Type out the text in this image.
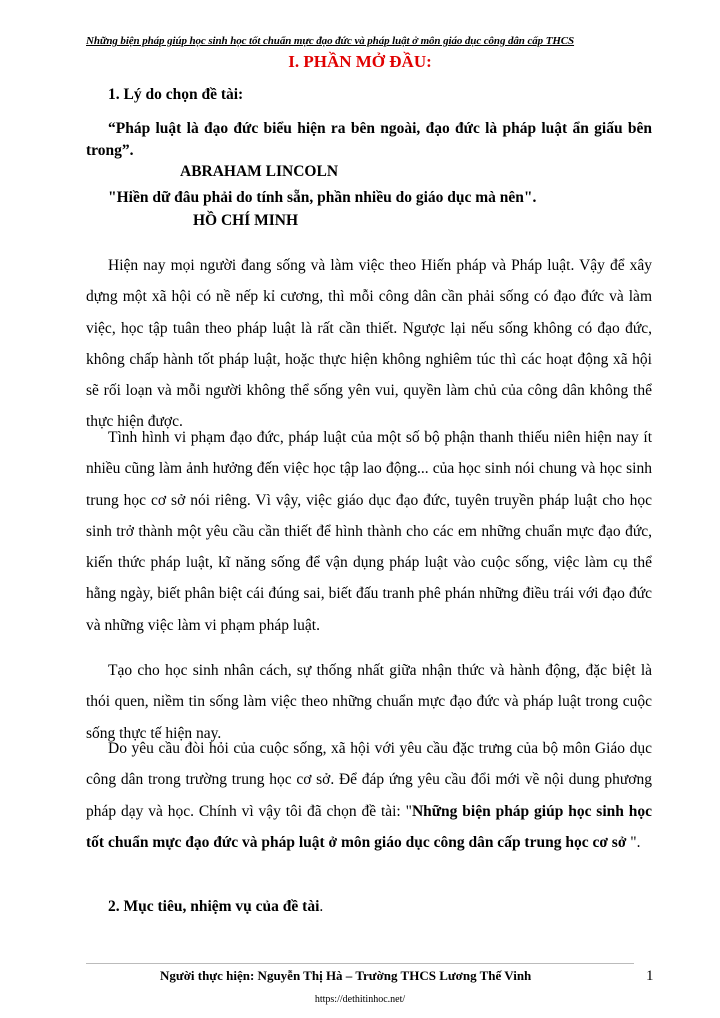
Những biện pháp giúp học sinh học tốt chuẩn mực đạo đức và pháp luật ở môn giáo dục công dân cấp THCS
I. PHẦN MỞ ĐẦU:
1. Lý do chọn đề tài:
“Pháp luật là đạo đức biểu hiện ra bên ngoài, đạo đức là pháp luật ẩn giấu bên trong”.
ABRAHAM LINCOLN
"Hiền dữ đâu phải do tính sẵn, phần nhiều do giáo dục mà nên".
HỒ CHÍ MINH
Hiện nay mọi người đang sống và làm việc theo Hiến pháp và Pháp luật. Vậy để xây dựng một xã hội có nề nếp kỉ cương, thì mỗi công dân cần phải sống có đạo đức và làm việc, học tập tuân theo pháp luật là rất cần thiết. Ngược lại nếu sống không có đạo đức, không chấp hành tốt pháp luật, hoặc thực hiện không nghiêm túc thì các hoạt động xã hội sẽ rối loạn và mỗi người không thể sống yên vui, quyền làm chủ của công dân không thể thực hiện được.
Tình hình vi phạm đạo đức, pháp luật của một số bộ phận thanh thiếu niên hiện nay ít nhiều cũng làm ảnh hưởng đến việc học tập lao động... của học sinh nói chung và học sinh trung học cơ sở nói riêng. Vì vậy, việc giáo dục đạo đức, tuyên truyền pháp luật cho học sinh trở thành một yêu cầu cần thiết để hình thành cho các em những chuẩn mực đạo đức, kiến thức pháp luật, kĩ năng sống để vận dụng pháp luật vào cuộc sống, việc làm cụ thể hằng ngày, biết phân biệt cái đúng sai, biết đấu tranh phê phán những điều trái với đạo đức và những việc làm vi phạm pháp luật.
Tạo cho học sinh nhân cách, sự thống nhất giữa nhận thức và hành động, đặc biệt là thói quen, niềm tin sống làm việc theo những chuẩn mực đạo đức và pháp luật trong cuộc sống thực tế hiện nay.
Do yêu cầu đòi hỏi của cuộc sống, xã hội với yêu cầu đặc trưng của bộ môn Giáo dục công dân trong trường trung học cơ sở. Để đáp ứng yêu cầu đổi mới về nội dung phương pháp dạy và học. Chính vì vậy tôi đã chọn đề tài: "Những biện pháp giúp học sinh học tốt chuẩn mực đạo đức và pháp luật ở môn giáo dục công dân cấp trung học cơ sở ".
2. Mục tiêu, nhiệm vụ của đề tài.
Người thực hiện: Nguyễn Thị Hà – Trường THCS Lương Thế Vinh	1
https://dethitinhoc.net/
